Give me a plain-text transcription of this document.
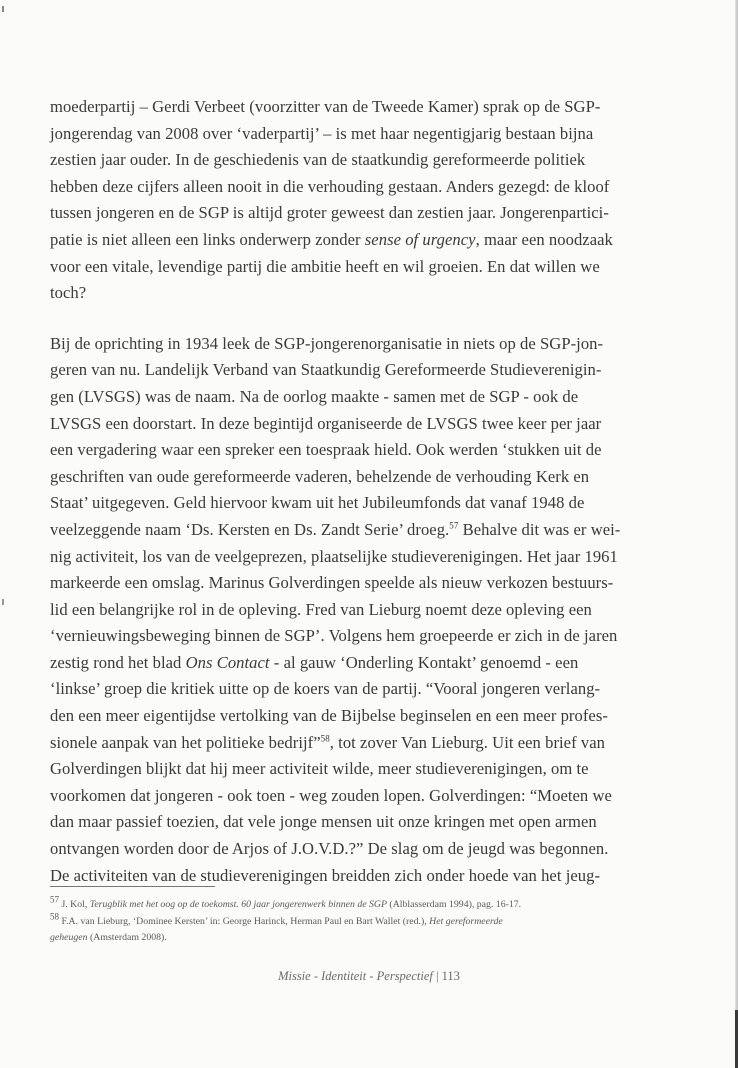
moederpartij – Gerdi Verbeet (voorzitter van de Tweede Kamer) sprak op de SGP-
jongerendag van 2008 over ‘vaderpartij’ – is met haar negentigjarig bestaan bijna
zestien jaar ouder. In de geschiedenis van de staatkundig gereformeerde politiek
hebben deze cijfers alleen nooit in die verhouding gestaan. Anders gezegd: de kloof
tussen jongeren en de SGP is altijd groter geweest dan zestien jaar. Jongerenpartici-
patie is niet alleen een links onderwerp zonder sense of urgency, maar een noodzaak
voor een vitale, levendige partij die ambitie heeft en wil groeien. En dat willen we
toch?

Bij de oprichting in 1934 leek de SGP-jongerenorganisatie in niets op de SGP-jon-
geren van nu. Landelijk Verband van Staatkundig Gereformeerde Studieverenigin-
gen (LVSGS) was de naam. Na de oorlog maakte - samen met de SGP - ook de
LVSGS een doorstart. In deze begintijd organiseerde de LVSGS twee keer per jaar
een vergadering waar een spreker een toespraak hield. Ook werden ‘stukken uit de
geschriften van oude gereformeerde vaderen, behelzende de verhouding Kerk en
Staat’ uitgegeven. Geld hiervoor kwam uit het Jubileumfonds dat vanaf 1948 de
veelzeggende naam ‘Ds. Kersten en Ds. Zandt Serie’ droeg.$^{57}$ Behalve dit was er wei-
nig activiteit, los van de veelgeprezen, plaatselijke studieverenigingen. Het jaar 1961
markeerde een omslag. Marinus Golverdingen speelde als nieuw verkozen bestuurs-
lid een belangrijke rol in de opleving. Fred van Lieburg noemt deze opleving een
‘vernieuwingsbeweging binnen de SGP’. Volgens hem groepeerde er zich in de jaren
zestig rond het blad Ons Contact - al gauw ‘Onderling Kontakt’ genoemd - een
‘linkse’ groep die kritiek uitte op de koers van de partij. “Vooral jongeren verlang-
den een meer eigentijdse vertolking van de Bijbelse beginselen en een meer profes-
sionele aanpak van het politieke bedrijf”$^{58}$, tot zover Van Lieburg. Uit een brief van
Golverdingen blijkt dat hij meer activiteit wilde, meer studieverenigingen, om te
voorkomen dat jongeren - ook toen - weg zouden lopen. Golverdingen: “Moeten we
dan maar passief toezien, dat vele jonge mensen uit onze kringen met open armen
ontvangen worden door de Arjos of J.O.V.D.?” De slag om de jeugd was begonnen.
De activiteiten van de studieverenigingen breidden zich onder hoede van het jeug-

$^{57}$ J. Kol, Terugblik met het oog op de toekomst. 60 jaar jongerenwerk binnen de SGP (Alblasserdam 1994), pag. 16-17.
$^{58}$ F.A. van Lieburg, ‘Dominee Kersten’ in: George Harinck, Herman Paul en Bart Wallet (red.), Het gereformeerde
geheugen (Amsterdam 2008).
Missie - Identiteit - Perspectief | 113
